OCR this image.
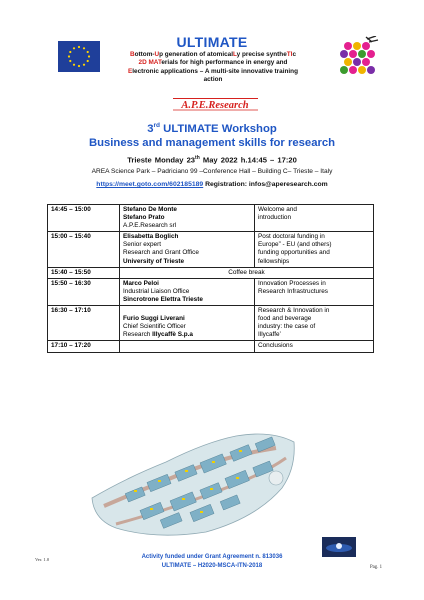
ULTIMATE
Bottom-Up generation of atomicalLy precise syntheTIc
2D MATerials for high performance in energy and
Electronic applications – A multi-site innovative training
action
A.P.E.Research
3rd ULTIMATE Workshop
Business and management skills for research
Trieste Monday 23th May 2022 h.14:45 – 17:20
AREA Science Park – Padriciano 99 –Conference Hall – Building C– Trieste – Italy
https://meet.goto.com/602185189 Registration: infos@aperesearch.com
14:45 – 15:00	Stefano De Monte
Stefano Prato
A.P.E.Research srl	Welcome and
introduction
15:00 – 15:40	Elisabetta Boglich
Senior expert
Research and Grant Office
University of Trieste	Post doctoral funding in
Europe” - EU (and others)
funding opportunities and
fellowships
15:40 – 15:50	Coffee break	
15:50 – 16:30	Marco Peloi
Industrial Liaison Office
Sincrotrone Elettra Trieste	Innovation Processes in
Research Infrastructures
16:30 – 17:10	Furio Suggi Liverani
Chief Scientific Officer
Research Illycaffè S.p.a	Research & Innovation in
food and beverage
industry: the case of
Illycaffe’
17:10 – 17:20		Conclusions
Ver. 1.0	Activity funded under Grant Agreement n. 813036
ULTIMATE – H2020-MSCA-ITN-2018	Pag. 1
